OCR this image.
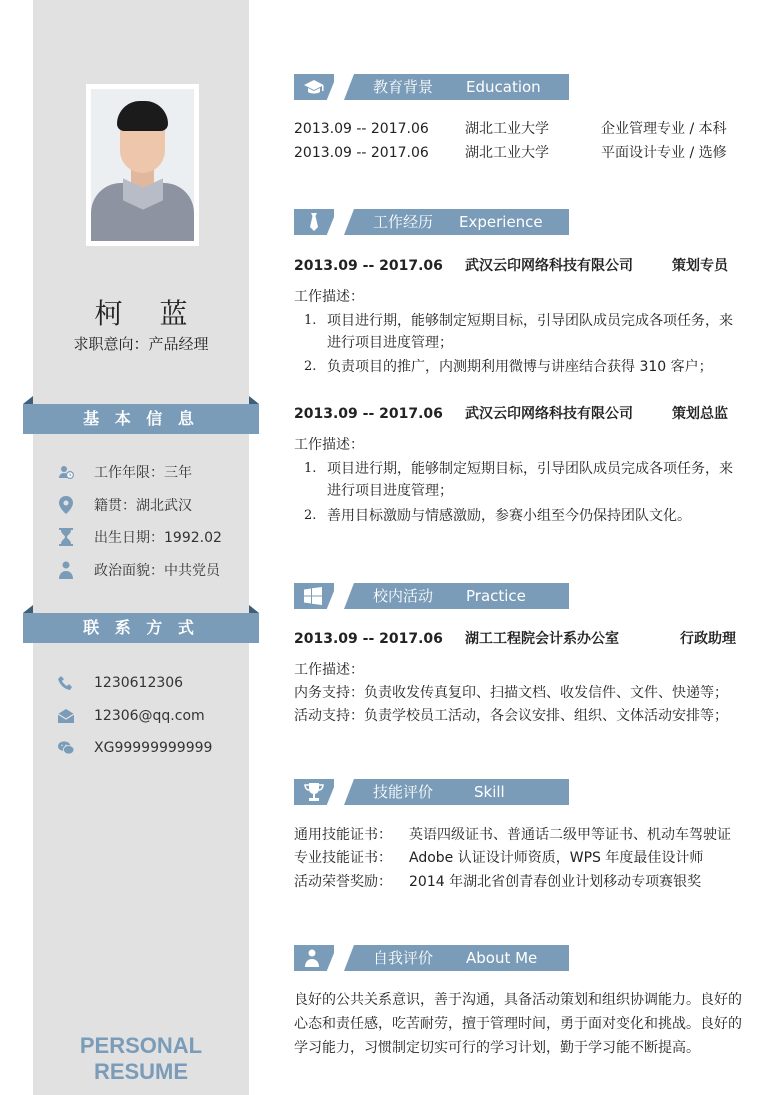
柯 蓝
求职意向：产品经理
基 本 信 息
工作年限：三年
籍贯：湖北武汉
出生日期：1992.02
政治面貌：中共党员
联 系 方 式
1230612306
12306@qq.com
XG99999999999
PERSONAL RESUME
教育背景 Education
2013.09 -- 2017.06	湖北工业大学	企业管理专业 / 本科
2013.09 -- 2017.06	湖北工业大学	平面设计专业 / 选修
工作经历 Experience
2013.09 -- 2017.06 武汉云印网络科技有限公司	策划专员
工作描述：
1. 项目进行期，能够制定短期目标，引导团队成员完成各项任务，来
进行项目进度管理；
2. 负责项目的推广，内测期利用微博与讲座结合获得 310 客户；
2013.09 -- 2017.06 武汉云印网络科技有限公司	策划总监
工作描述：
1. 项目进行期，能够制定短期目标，引导团队成员完成各项任务，来
进行项目进度管理；
2. 善用目标激励与情感激励，参赛小组至今仍保持团队文化。
校内活动 Practice
2013.09 -- 2017.06 湖工工程院会计系办公室	行政助理
工作描述：
内务支持：负责收发传真复印、扫描文档、收发信件、文件、快递等；
活动支持：负责学校员工活动，各会议安排、组织、文体活动安排等；
技能评价	Skill
通用技能证书： 英语四级证书、普通话二级甲等证书、机动车驾驶证
专业技能证书： Adobe 认证设计师资质，WPS 年度最佳设计师
活动荣誉奖励： 2014 年湖北省创青春创业计划移动专项赛银奖
自我评价 About Me
良好的公共关系意识，善于沟通，具备活动策划和组织协调能力。良好的
心态和责任感，吃苦耐劳，擅于管理时间，勇于面对变化和挑战。良好的
学习能力，习惯制定切实可行的学习计划，勤于学习能不断提高。
